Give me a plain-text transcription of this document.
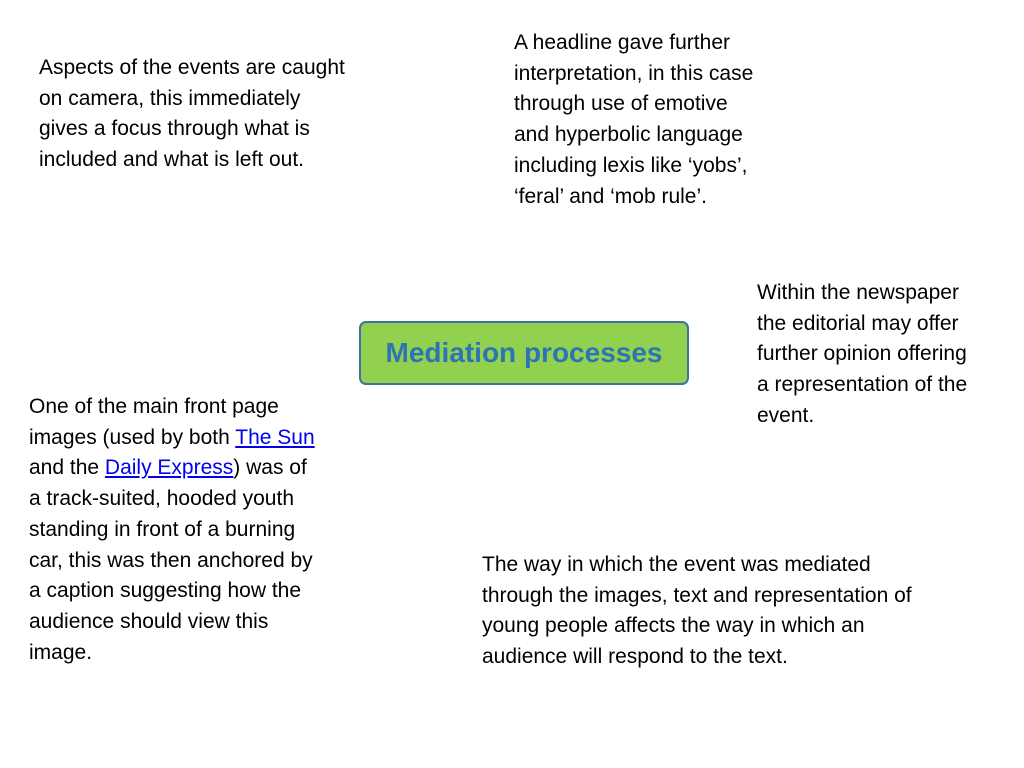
Aspects of the events are caught
on camera, this immediately
gives a focus through what is
included and what is left out.
A headline gave further
interpretation, in this case
through use of emotive
and hyperbolic language
including lexis like ‘yobs’,
‘feral’ and ‘mob rule’.
Mediation processes
Within the newspaper
the editorial may offer
further opinion offering
a representation of the
event.
One of the main front page
images (used by both The Sun
and the Daily Express) was of
a track-suited, hooded youth
standing in front of a burning
car, this was then anchored by
a caption suggesting how the
audience should view this
image.
The way in which the event was mediated
through the images, text and representation of
young people affects the way in which an
audience will respond to the text.
